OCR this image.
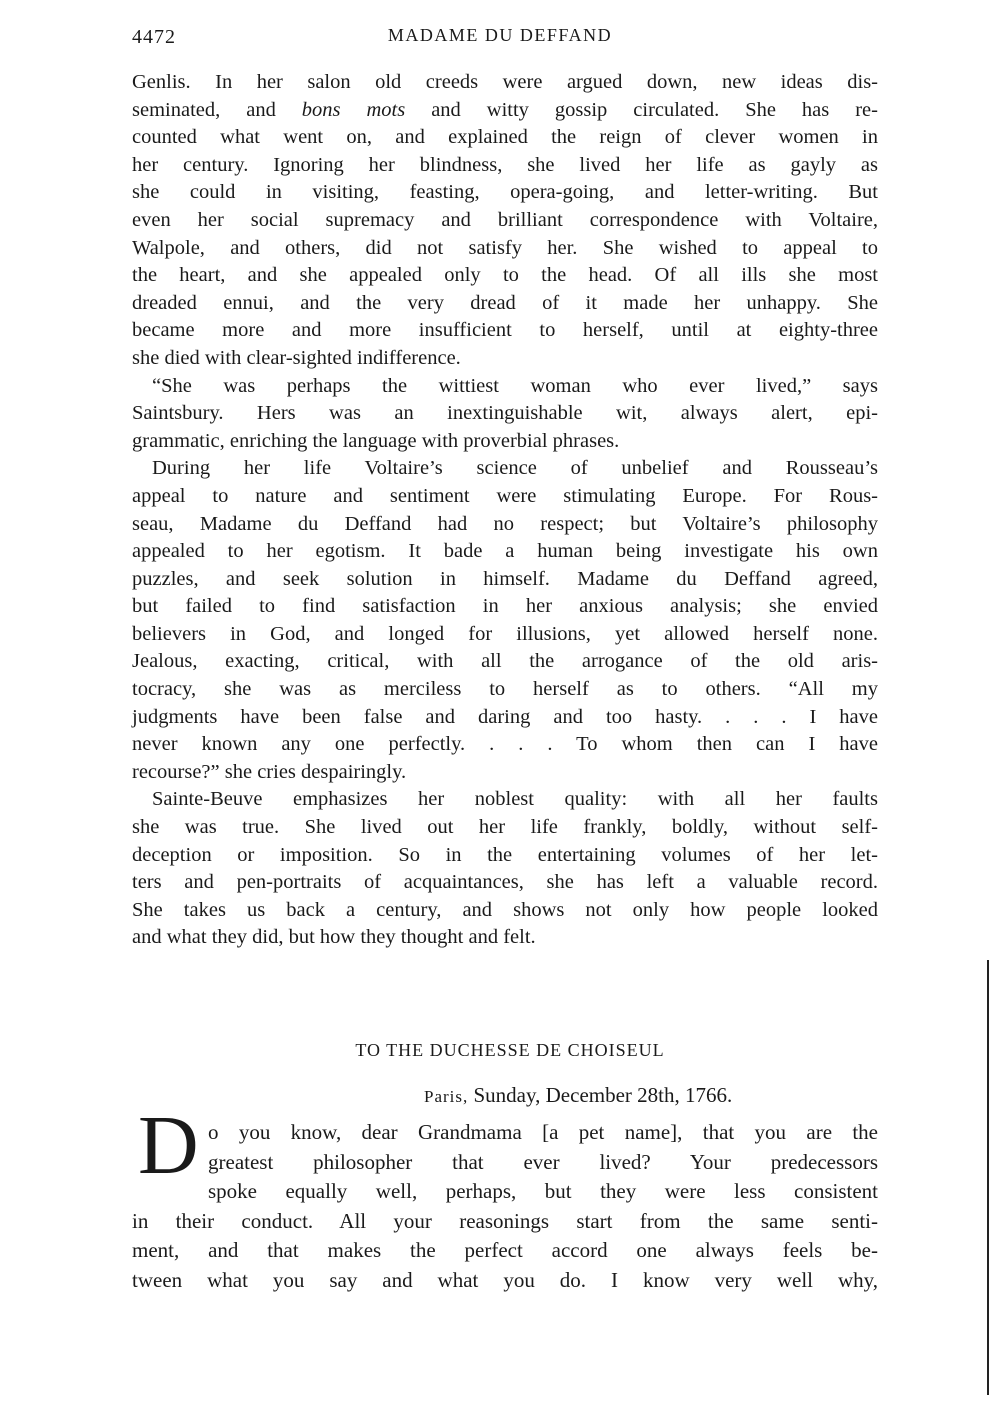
4472	MADAME DU DEFFAND
Genlis. In her salon old creeds were argued down, new ideas dis-
seminated, and bons mots and witty gossip circulated. She has re-
counted what went on, and explained the reign of clever women in
her century. Ignoring her blindness, she lived her life as gayly as
she could in visiting, feasting, opera-going, and letter-writing. But
even her social supremacy and brilliant correspondence with Voltaire,
Walpole, and others, did not satisfy her. She wished to appeal to
the heart, and she appealed only to the head. Of all ills she most
dreaded ennui, and the very dread of it made her unhappy. She
became more and more insufficient to herself, until at eighty-three
she died with clear-sighted indifference.
“She was perhaps the wittiest woman who ever lived,” says
Saintsbury. Hers was an inextinguishable wit, always alert, epi-
grammatic, enriching the language with proverbial phrases.
During her life Voltaire’s science of unbelief and Rousseau’s
appeal to nature and sentiment were stimulating Europe. For Rous-
seau, Madame du Deffand had no respect; but Voltaire’s philosophy
appealed to her egotism. It bade a human being investigate his own
puzzles, and seek solution in himself. Madame du Deffand agreed,
but failed to find satisfaction in her anxious analysis; she envied
believers in God, and longed for illusions, yet allowed herself none.
Jealous, exacting, critical, with all the arrogance of the old aris-
tocracy, she was as merciless to herself as to others. “All my
judgments have been false and daring and too hasty. . . . I have
never known any one perfectly. . . . To whom then can I have
recourse?” she cries despairingly.
Sainte-Beuve emphasizes her noblest quality: with all her faults
she was true. She lived out her life frankly, boldly, without self-
deception or imposition. So in the entertaining volumes of her let-
ters and pen-portraits of acquaintances, she has left a valuable record.
She takes us back a century, and shows not only how people looked
and what they did, but how they thought and felt.
TO THE DUCHESSE DE CHOISEUL
Paris, Sunday, December 28th, 1766.
D o you know, dear Grandmama [a pet name], that you are the
greatest philosopher that ever lived? Your predecessors
spoke equally well, perhaps, but they were less consistent
in their conduct. All your reasonings start from the same senti-
ment, and that makes the perfect accord one always feels be-
tween what you say and what you do. I know very well why,
